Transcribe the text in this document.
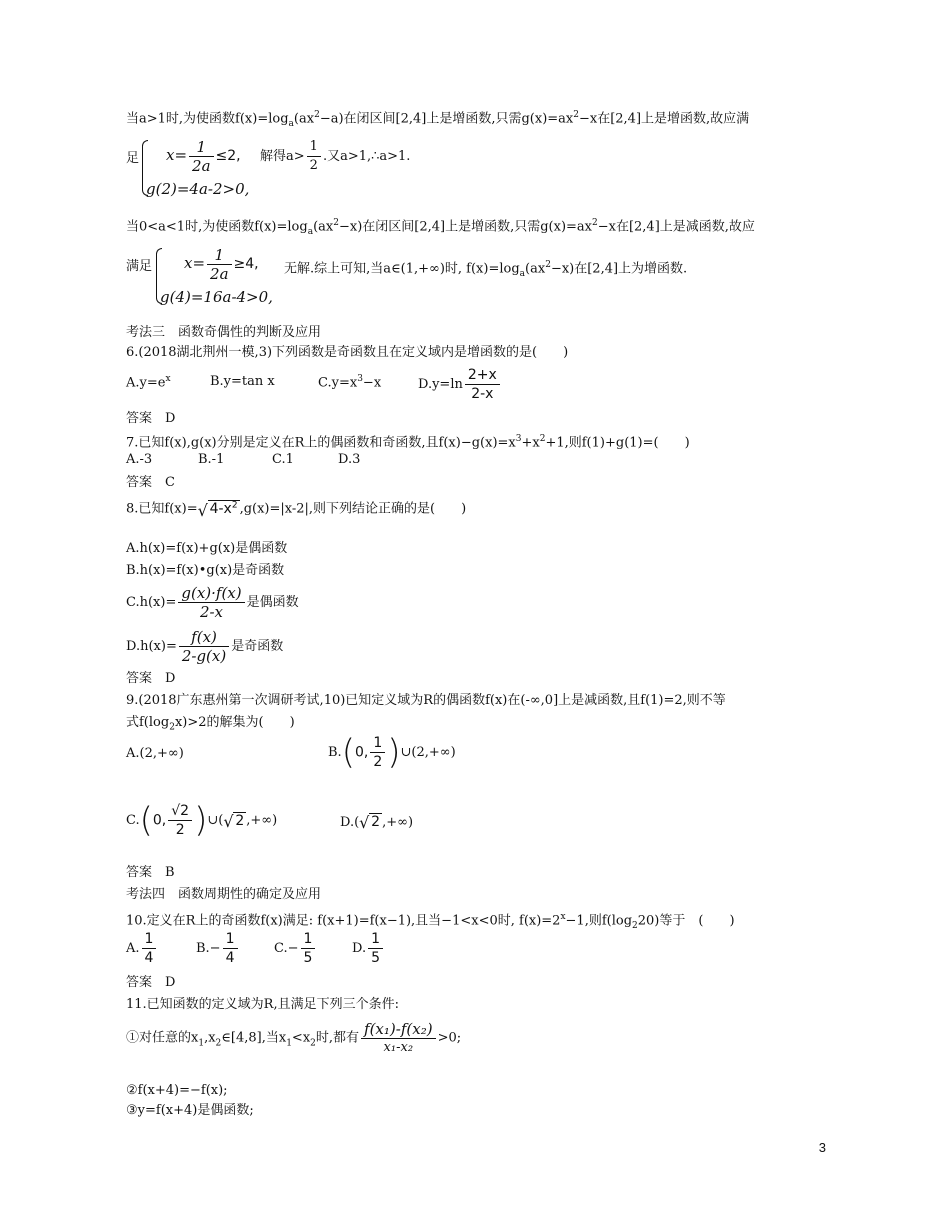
当a>1时,为使函数$f(x)=\log_a(ax^2-a)$在闭区间[2,4]上是增函数,只需$g(x)=ax^2-x$在[2,4]上是增函数,故应满
足 $x= \frac{1}{2a} \le 2$, 解得$a> \frac{1}{2}$ .又a>1,∴a>1.
g(2)=4a-2>0,
当0<a<1时,为使函数$f(x)=\log_a(ax^2-x)$在闭区间[2,4]上是增函数,只需$g(x)=ax^2-x$在[2,4]上是减函数,故应
满足 $x= \frac{1}{2a} \ge 4$, 无解.综上可知,当a∈(1,+∞)时, $f(x)=\log_a(ax^2-x)$在[2,4]上为增函数.
g(4)=16a-4>0,
考法三　函数奇偶性的判断及应用
6.(2018湖北荆州一模,3)下列函数是奇函数且在定义域内是增函数的是(　　)
$A.y=e^x$	B.y=tan x	$C.y=x^3-x$	$D.y=\ln \frac{2+x}{2-x}$
答案　D
7.已知f(x),g(x)分别是定义在R上的偶函数和奇函数,且$f(x)-g(x)=x^3+x^2+1$,则f(1)+g(1)=(　　)
A.-3	B.-1	C.1	D.3
答案　C
8.已知f(x)= √ $4-x^2$ ,g(x)=|x-2|,则下列结论正确的是(　　)
A.h(x)=f(x)+g(x)是偶函数
B.h(x)=f(x)•g(x)是奇函数
$C.h(x)= \frac{g(x)\cdot f(x)}{2-x}$ 是偶函数
$D.h(x)= \frac{f(x)}{2-g(x)}$ 是奇函数
答案　D
9.(2018广东惠州第一次调研考试,10)已知定义域为R的偶函数f(x)在(-∞,0]上是减函数,且f(1)=2,则不等
式$f(\log_2x)>2$的解集为(　　)
A.(2,+∞)	B.(0, $\frac{1}{2}$ )∪(2,+∞)
C.(0, $\frac{√2}{2}$ )∪( √ 2 ,+∞)	D.( √ 2 ,+∞)
答案　B
考法四　函数周期性的确定及应用
10.定义在R上的奇函数f(x)满足: f(x+1)=f(x−1),且当−1<x<0时, $f(x)=2^x-1$,则$f(\log_220)$等于　(　　)
A. $\frac{1}{4}$	$B.- \frac{1}{4}$	$C.- \frac{1}{5}$	D. $\frac{1}{5}$
答案　D
11.已知函数的定义域为R,且满足下列三个条件:
①对任意的$x_1,x_2\in[4,8]$,当$x_1<x_2$时,都有 $\frac{\text{f(x₁)-f(x₂)}}{\text{x₁-x₂}} >0$;
②f(x+4)=−f(x);
③y=f(x+4)是偶函数;
3
